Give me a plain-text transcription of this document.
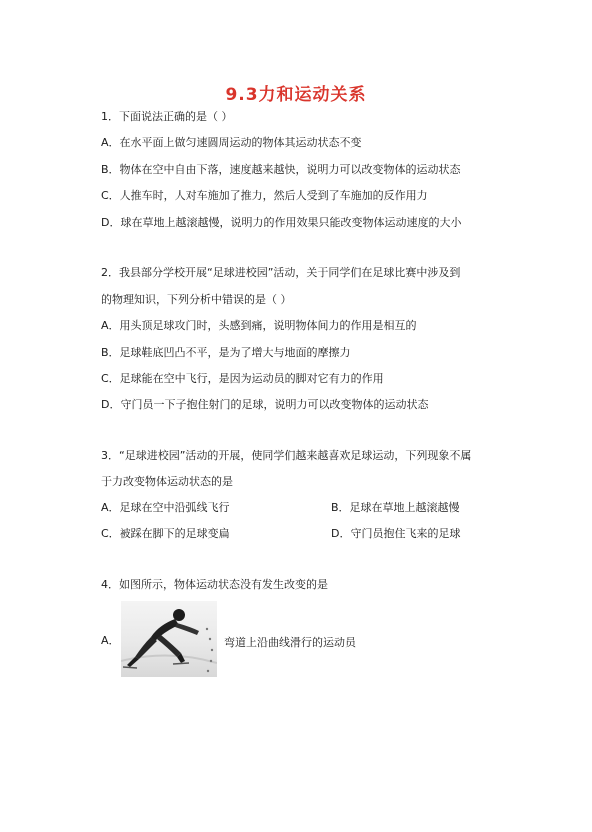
9.3力和运动关系
1．下面说法正确的是（ ）
A．在水平面上做匀速圆周运动的物体其运动状态不变
B．物体在空中自由下落，速度越来越快，说明力可以改变物体的运动状态
C．人推车时，人对车施加了推力，然后人受到了车施加的反作用力
D．球在草地上越滚越慢，说明力的作用效果只能改变物体运动速度的大小
2．我县部分学校开展“足球进校园”活动，关于同学们在足球比赛中涉及到
的物理知识，下列分析中错误的是（ ）
A．用头顶足球攻门时，头感到痛，说明物体间力的作用是相互的
B．足球鞋底凹凸不平，是为了增大与地面的摩擦力
C．足球能在空中飞行，是因为运动员的脚对它有力的作用
D．守门员一下子抱住射门的足球，说明力可以改变物体的运动状态
3．“足球进校园”活动的开展，使同学们越来越喜欢足球运动，下列现象不属
于力改变物体运动状态的是
A．足球在空中沿弧线飞行	B．足球在草地上越滚越慢
C．被踩在脚下的足球变扁	D．守门员抱住飞来的足球
4．如图所示，物体运动状态没有发生改变的是
A．	弯道上沿曲线滑行的运动员
